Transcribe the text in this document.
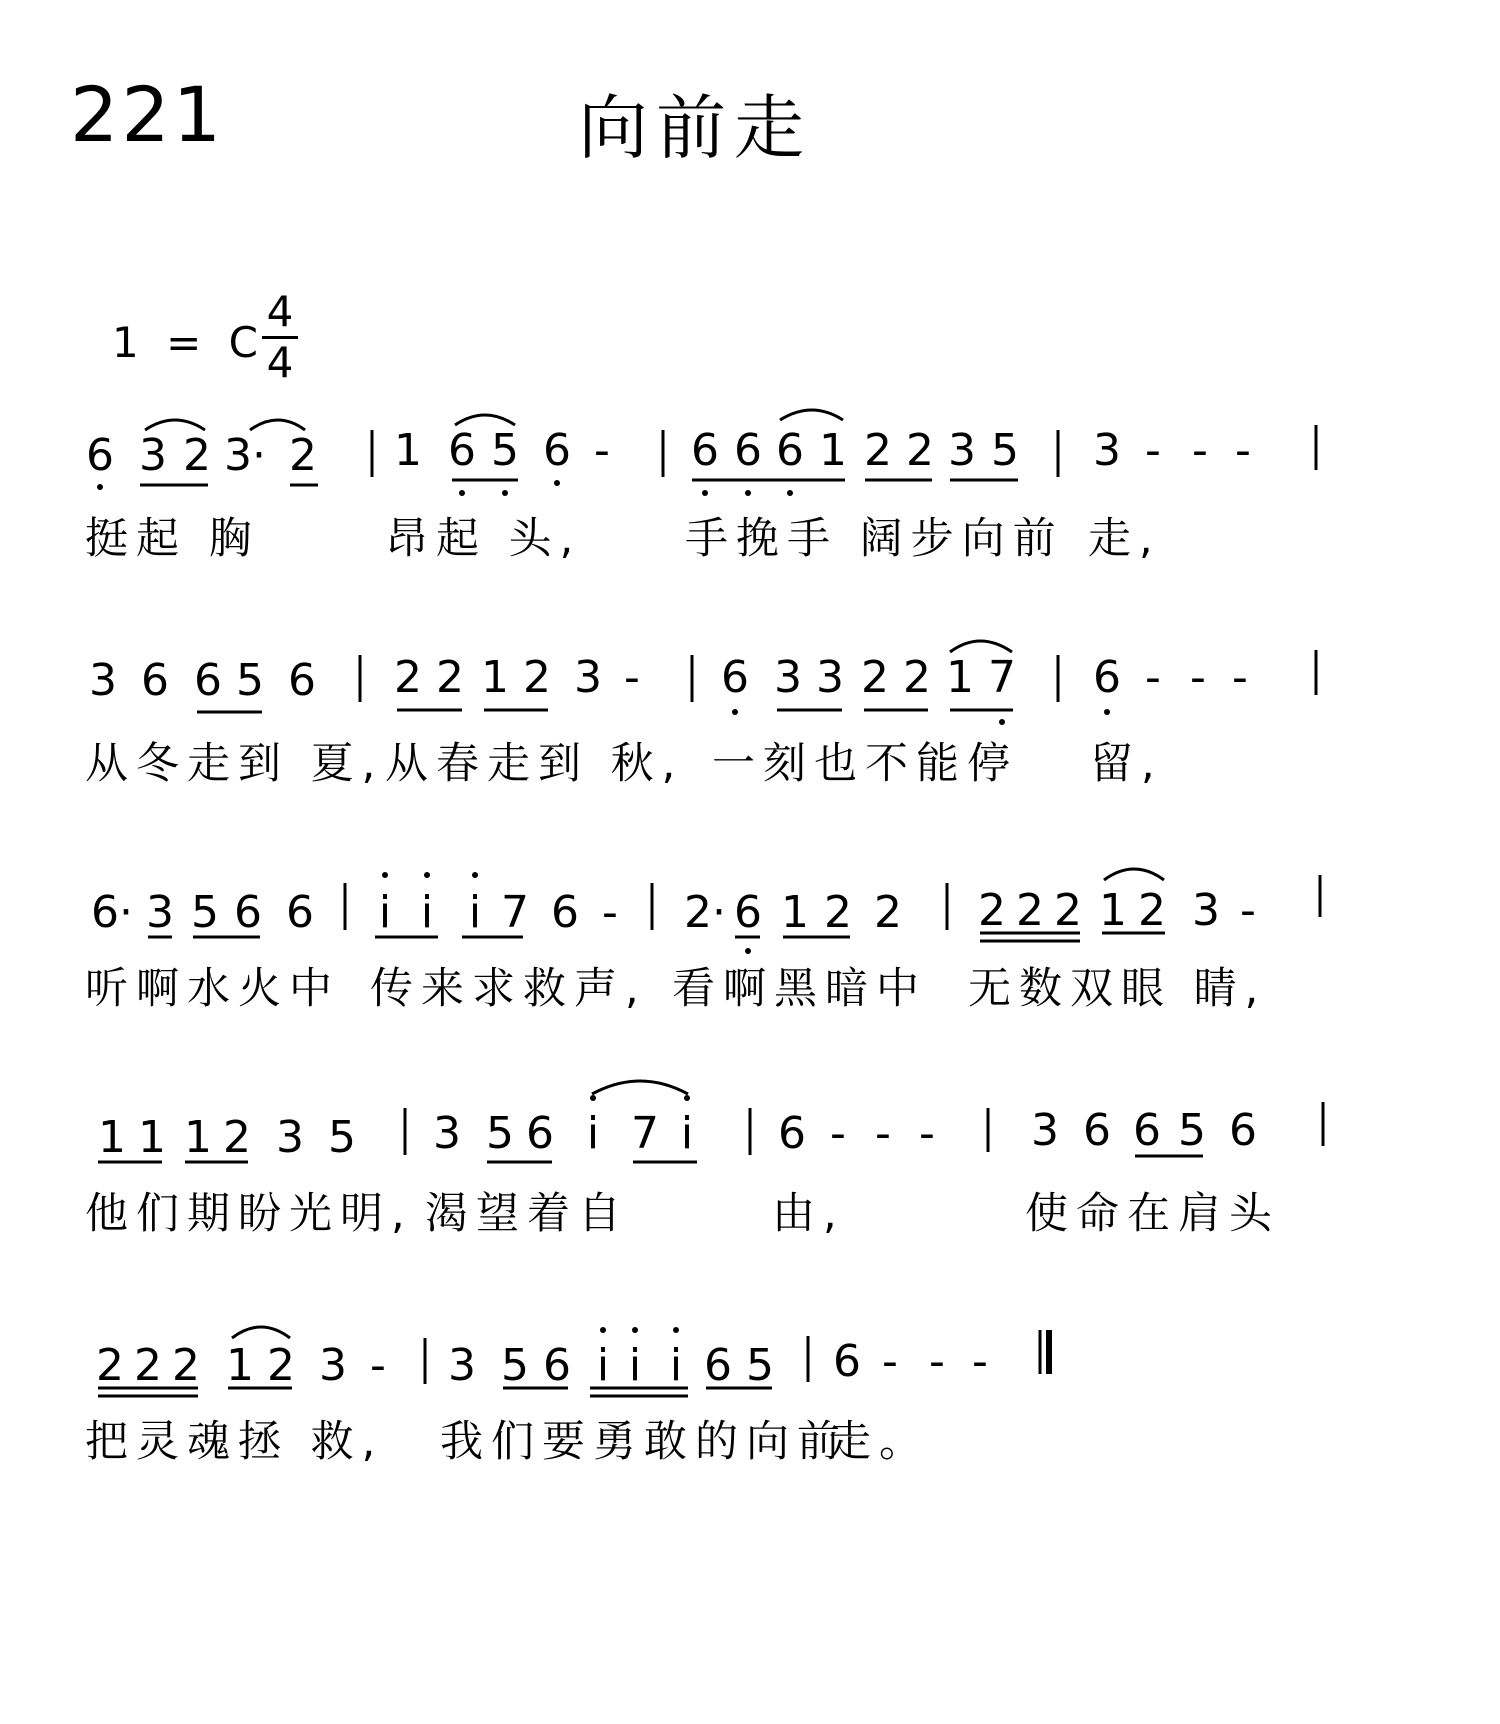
221	向前走
1 = C
4
4
6 3 2 3· 2 1 6 5 6 - 6 6 6 1 2 2 3 5 3 - - -
挺起 胸	昂起 头, 手挽手 阔步向前 走,
3 6 6 5 6 2 2 1 2 3 - 6 3 3 2 2 1 7 6 - - -
从冬走到 夏, 从春走到 秋, 一刻也不能停 留,
6· 3 5 6 6 i i i 7 6 - 2· 6 1 2 2 2 2 2 1 2 3 -
听啊水火中 传来求救声, 看啊黑暗中 无数双眼 睛,
1 1 1 2 3 5 3 5 6 i 7 i 6 - - - 3 6 6 5 6
他们期盼光明, 渴望着自	由,	使命在肩头
2 2 2 1 2 3 - 3 5 6 i i i 6 5 6 - - -
把灵魂拯 救, 我们要勇敢的向前
走。
